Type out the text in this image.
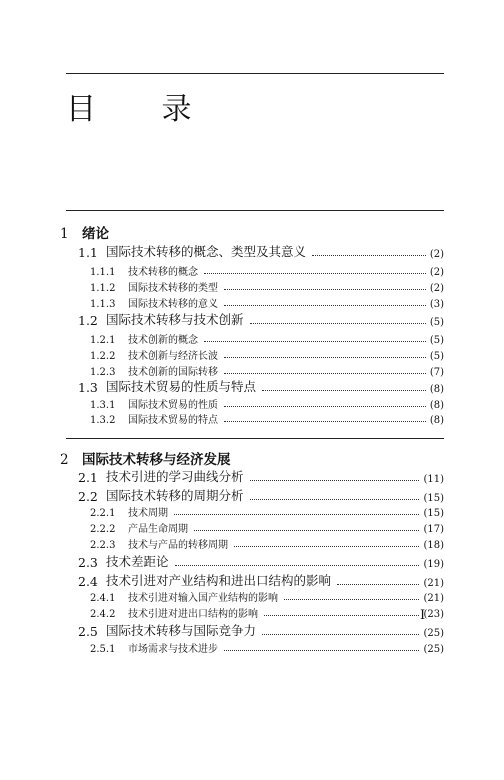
目 录
1 绪论
1.1 国际技术转移的概念、类型及其意义	(2)
1.1.1	技术转移的概念	(2)
1.1.2	国际技术转移的类型	(2)
1.1.3	国际技术转移的意义	(3)
1.2 国际技术转移与技术创新	(5)
1.2.1	技术创新的概念	(5)
1.2.2	技术创新与经济长波	(5)
1.2.3	技术创新的国际转移	(7)
1.3 国际技术贸易的性质与特点	(8)
1.3.1	国际技术贸易的性质	(8)
1.3.2	国际技术贸易的特点	(8)
2 国际技术转移与经济发展
2.1 技术引进的学习曲线分析	(11)
2.2 国际技术转移的周期分析	(15)
2.2.1	技术周期	(15)
2.2.2	产品生命周期	(17)
2.2.3	技术与产品的转移周期	(18)
2.3 技术差距论	(19)
2.4 技术引进对产业结构和进出口结构的影响	(21)
2.4.1	技术引进对输入国产业结构的影响	(21)
2.4.2	技术引进对进出口结构的影响	(23)
2.5 国际技术转移与国际竞争力	(25)
2.5.1	市场需求与技术进步	(25)
I
